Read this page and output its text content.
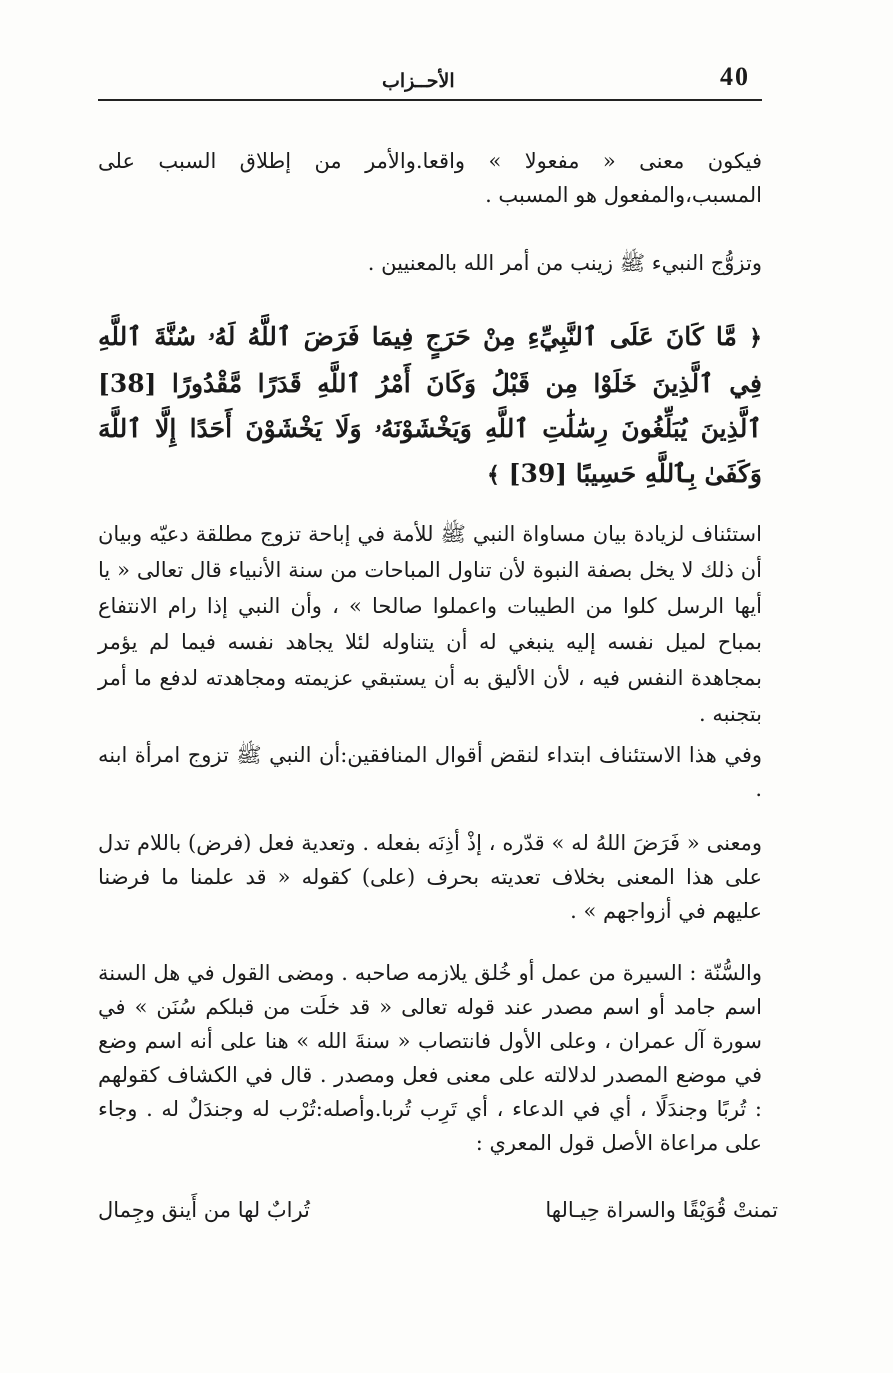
40
الأحــزاب

فيكون معنى « مفعولا » واقعا.والأمر من إطلاق السبب على المسبب،والمفعول هو المسبب .

وتزوُّج النبيء ﷺ زينب من أمر الله بالمعنيين .

﴿ مَّا كَانَ عَلَى ٱلنَّبِيِّءِ مِنْ حَرَجٍ فِيمَا فَرَضَ ٱللَّهُ لَهُۥ سُنَّةَ ٱللَّهِ فِي ٱلَّذِينَ خَلَوْا مِن قَبْلُ وَكَانَ أَمْرُ ٱللَّهِ قَدَرًا مَّقْدُورًا [38] ٱلَّذِينَ يُبَلِّغُونَ رِسَٰلَٰتِ ٱللَّهِ وَيَخْشَوْنَهُۥ وَلَا يَخْشَوْنَ أَحَدًا إِلَّا ٱللَّهَ وَكَفَىٰ بِٱللَّهِ حَسِيبًا [39] ﴾

استئناف لزيادة بيان مساواة النبي ﷺ للأمة في إباحة تزوج مطلقة دعيّه وبيان أن ذلك لا يخل بصفة النبوة لأن تناول المباحات من سنة الأنبياء قال تعالى « يا أيها الرسل كلوا من الطيبات واعملوا صالحا » ، وأن النبي إذا رام الانتفاع بمباح لميل نفسه إليه ينبغي له أن يتناوله لئلا يجاهد نفسه فيما لم يؤمر بمجاهدة النفس فيه ، لأن الأليق به أن يستبقي عزيمته ومجاهدته لدفع ما أمر بتجنبه .

وفي هذا الاستئناف ابتداء لنقض أقوال المنافقين:أن النبي ﷺ تزوج امرأة ابنه .

ومعنى « فَرَضَ اللهُ له » قدّره ، إذْ أذِنَه بفعله . وتعدية فعل (فرض) باللام تدل على هذا المعنى بخلاف تعديته بحرف (على) كقوله « قد علمنا ما فرضنا عليهم في أزواجهم » .

والسُّنّة : السيرة من عمل أو خُلق يلازمه صاحبه . ومضى القول في هل السنة اسم جامد أو اسم مصدر عند قوله تعالى « قد خلَت من قبلكم سُنَن » في سورة آل عمران ، وعلى الأول فانتصاب « سنةَ الله » هنا على أنه اسم وضع في موضع المصدر لدلالته على معنى فعل ومصدر . قال في الكشاف كقولهم : تُربًا وجندَلًا ، أي في الدعاء ، أي تَرِب تُربا.وأصله:تُرْب له وجندَلٌ له . وجاء على مراعاة الأصل قول المعري :

تمنتْ قُوَيْقًا والسراة حِيـالها
تُرابٌ لها من أَينق وجِمال
